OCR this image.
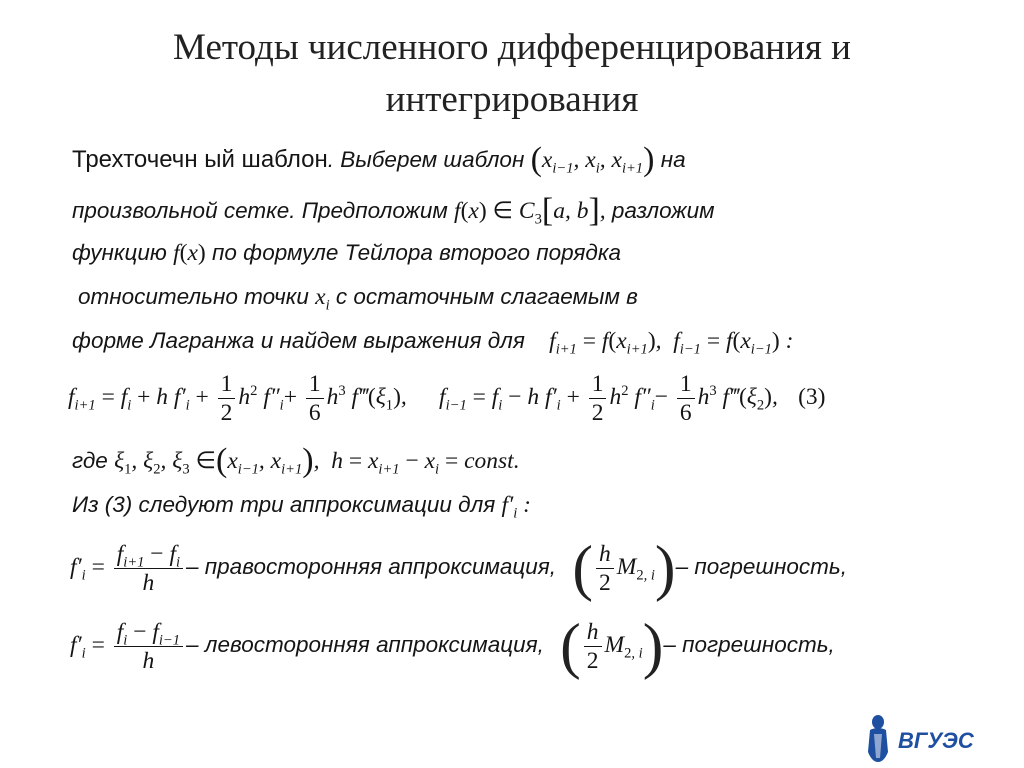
Методы численного дифференцирования и
интегрирования
Трехточечн ый шаблон. Выберем шаблон ($x_{i-1}$, $x_i$, $x_{i+1}$) на
произвольной сетке. Предположим f(x) ∈ $C_3[a$, b], разложим
функцию f(x) по формуле Тейлора второго порядка
относительно точки $x_i$ с остаточным слагаемым в
форме Лагранжа и найдем выражения для $f_{i+1} = f(x_{i+1})$,  $f_{i-1} = f(x_{i-1})$ :
$f_{i+1} = f_i + h$ $f'_i + \frac{1}{2} h^2$ $f''_i+ \frac{1}{6} h^3$ $f‴(\xi_1)$, $f_{i-1} = f_i - h$ $f'_i + \frac{1}{2} h^2$ $f''_i- \frac{1}{6} h^3$ $f‴(\xi_2)$, (3)
где $\xi_1$, $\xi_2$, $\xi_3$ $\in(x_{i-1}$, $x_{i+1}$),  $h = x_{i+1} - x_i$ = const.
Из (3) следуют три аппроксимации для $f'_i$ :
$f'_i = \frac{f_{i+1} - f_i}{h}$ – правосторонняя аппроксимация, ( $\frac{h}{2} M_{2, i})-$ погрешность,
$f'_i = \frac{f_i - f_{i-1}}{h}$ – левосторонняя аппроксимация, ( $\frac{h}{2} M_{2, i})-$ погрешность,
ВГУЭС
